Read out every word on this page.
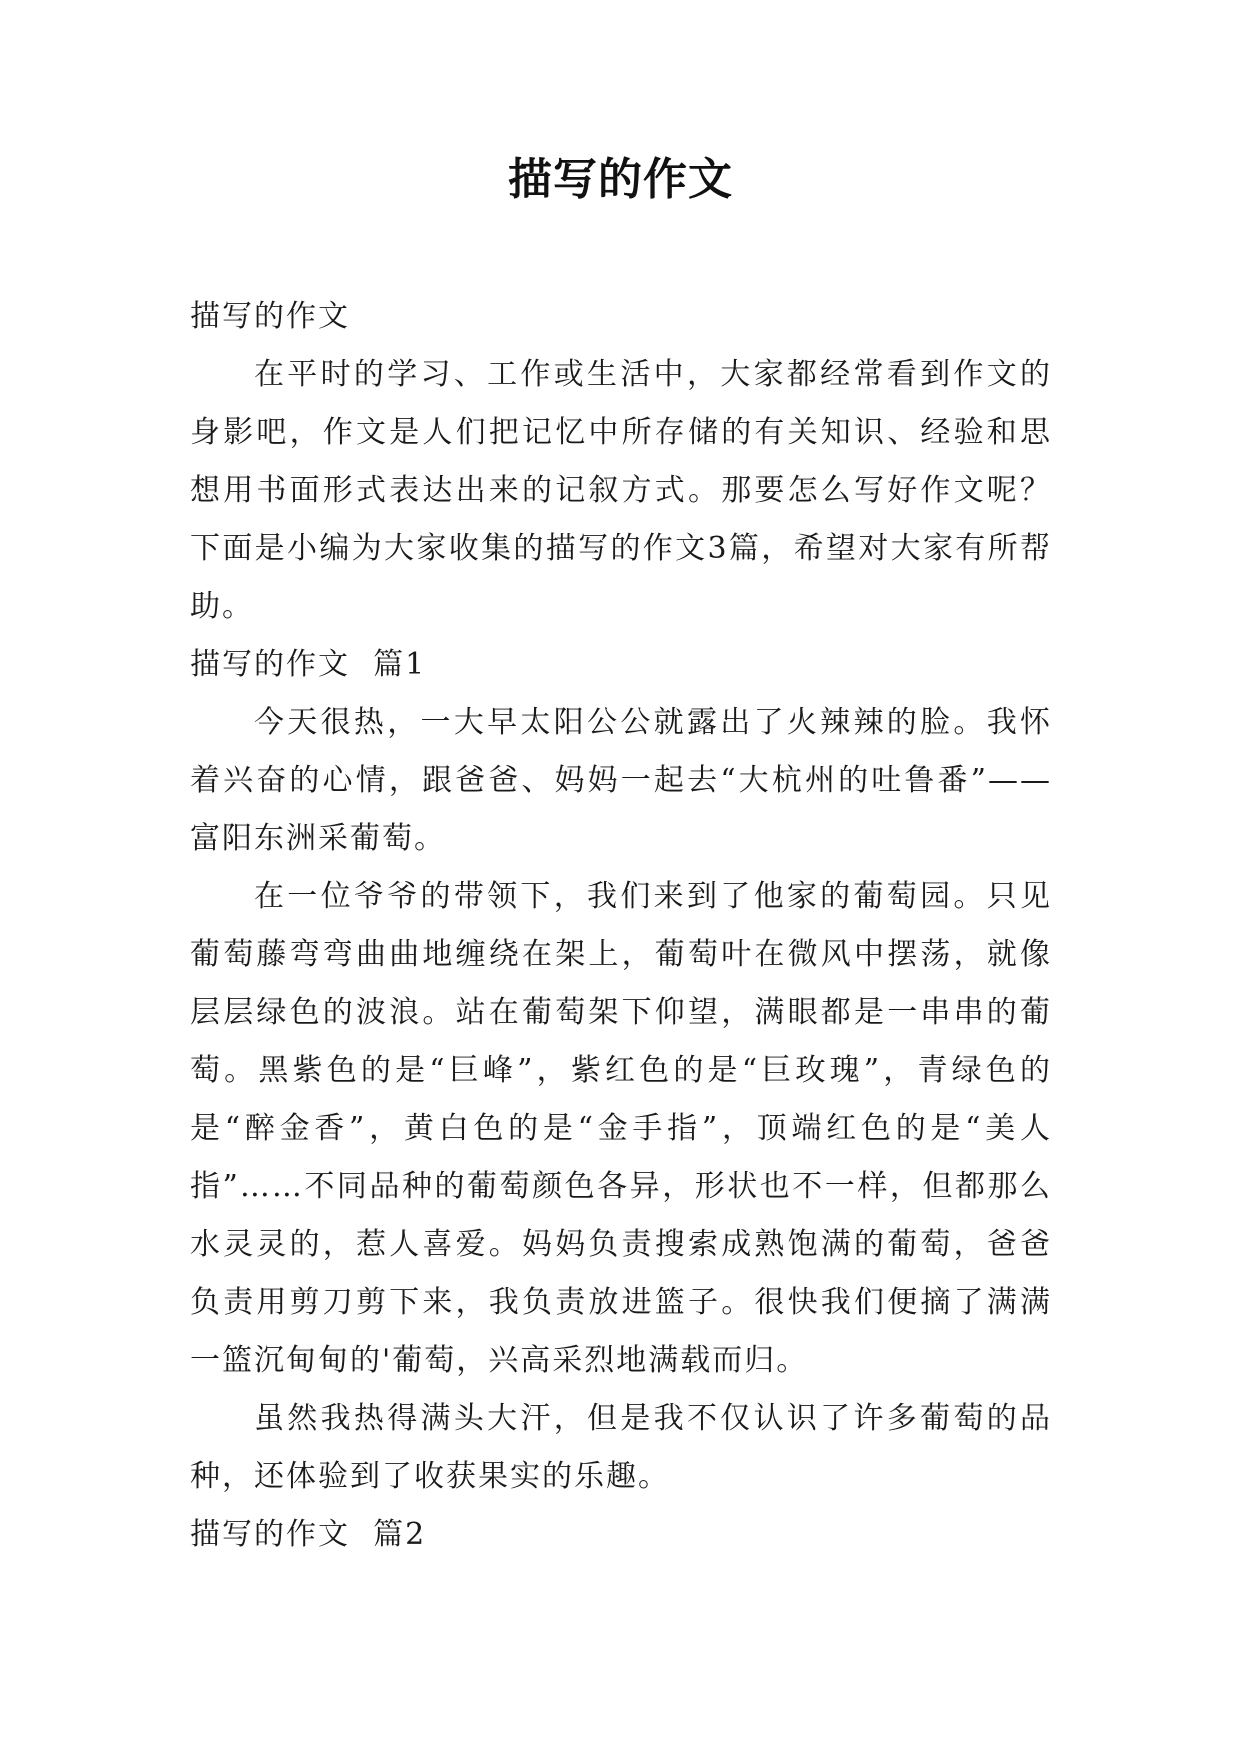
描写的作文

描写的作文

在平时的学习、工作或生活中，大家都经常看到作文的身影吧，作文是人们把记忆中所存储的有关知识、经验和思想用书面形式表达出来的记叙方式。那要怎么写好作文呢？下面是小编为大家收集的描写的作文3篇，希望对大家有所帮助。

描写的作文  篇1

今天很热，一大早太阳公公就露出了火辣辣的脸。我怀着兴奋的心情，跟爸爸、妈妈一起去“大杭州的吐鲁番”——富阳东洲采葡萄。

在一位爷爷的带领下，我们来到了他家的葡萄园。只见葡萄藤弯弯曲曲地缠绕在架上，葡萄叶在微风中摆荡，就像层层绿色的波浪。站在葡萄架下仰望，满眼都是一串串的葡萄。黑紫色的是“巨峰”，紫红色的是“巨玫瑰”，青绿色的是“醉金香”，黄白色的是“金手指”，顶端红色的是“美人指”……不同品种的葡萄颜色各异，形状也不一样，但都那么水灵灵的，惹人喜爱。妈妈负责搜索成熟饱满的葡萄，爸爸负责用剪刀剪下来，我负责放进篮子。很快我们便摘了满满一篮沉甸甸的'葡萄，兴高采烈地满载而归。

虽然我热得满头大汗，但是我不仅认识了许多葡萄的品种，还体验到了收获果实的乐趣。

描写的作文  篇2
